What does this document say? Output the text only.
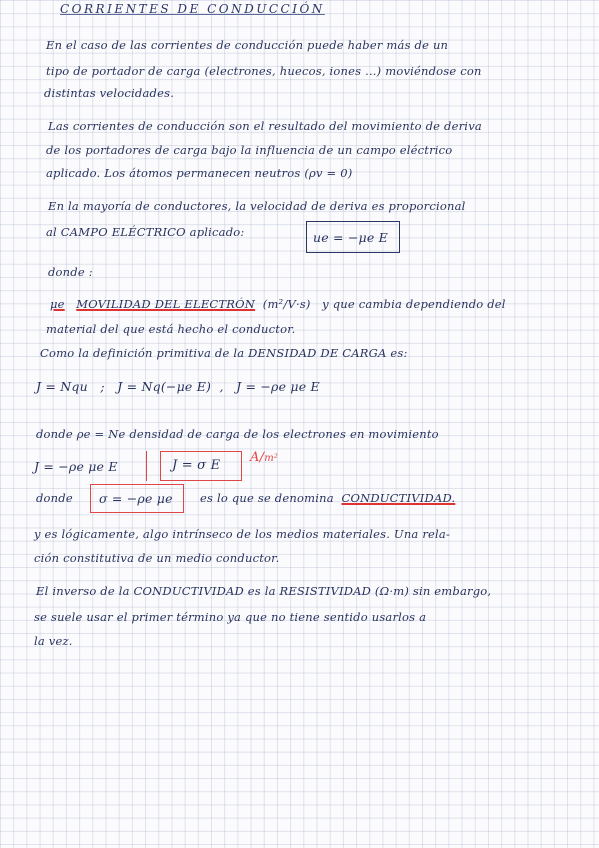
CORRIENTES DE CONDUCCIÓN
En el caso de las corrientes de conducción puede haber más de un
tipo de portador de carga (electrones, huecos, iones ...) moviéndose con
distintas velocidades.
Las corrientes de conducción son el resultado del movimiento de deriva
de los portadores de carga bajo la influencia de un campo eléctrico
aplicado. Los átomos permanecen neutros (ρv = 0)
En la mayoría de conductores, la velocidad de deriva es proporcional
al CAMPO ELÉCTRICO aplicado:	ue = −μe E
donde :
μe MOVILIDAD DEL ELECTRÓN (m²/V·s) y que cambia dependiendo del
material del que está hecho el conductor.
Como la definición primitiva de la DENSIDAD DE CARGA es:
J = Nqu   ;   J = Nq(−μe E)  ,   J = −ρe μe E
donde ρe = Ne densidad de carga de los electrones en movimiento
J = −ρe μe E	J = σ E
A/m²
donde σ = −ρe μe es lo que se denomina CONDUCTIVIDAD.
y es lógicamente, algo intrínseco de los medios materiales. Una rela-
ción constitutiva de un medio conductor.
El inverso de la CONDUCTIVIDAD es la RESISTIVIDAD (Ω·m) sin embargo,
se suele usar el primer término ya que no tiene sentido usarlos a
la vez.
